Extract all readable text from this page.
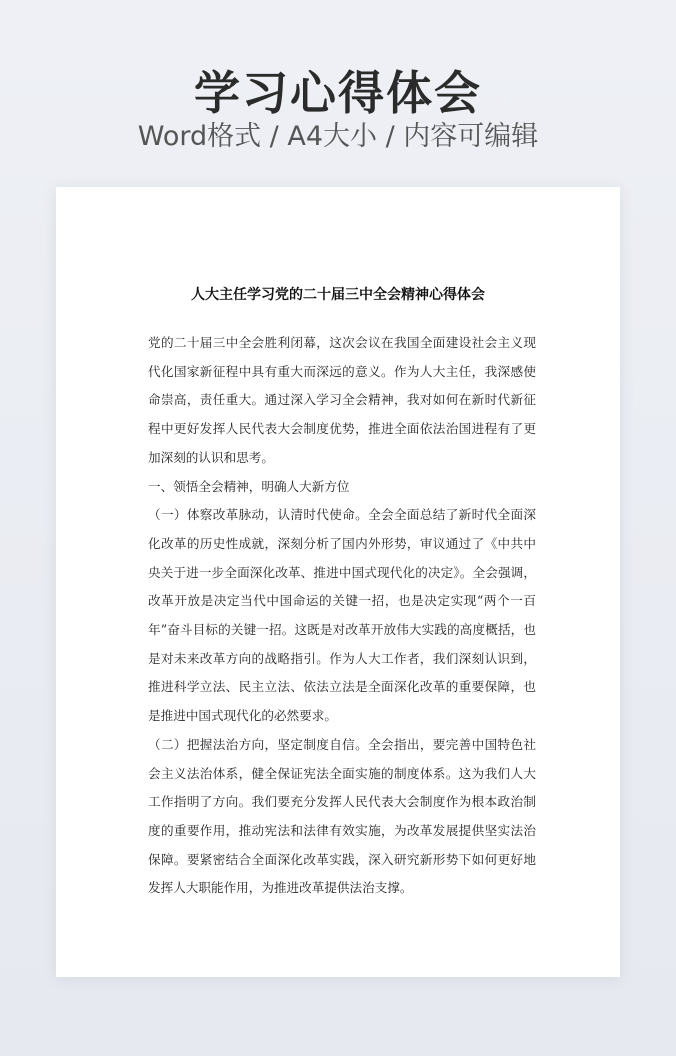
学习心得体会
Word格式 / A4大小 / 内容可编辑
人大主任学习党的二十届三中全会精神心得体会

党的二十届三中全会胜利闭幕，这次会议在我国全面建设社会主义现代化国家新征程中具有重大而深远的意义。作为人大主任，我深感使命崇高，责任重大。通过深入学习全会精神，我对如何在新时代新征程中更好发挥人民代表大会制度优势，推进全面依法治国进程有了更加深刻的认识和思考。

一、领悟全会精神，明确人大新方位

（一）体察改革脉动，认清时代使命。全会全面总结了新时代全面深化改革的历史性成就，深刻分析了国内外形势，审议通过了《中共中央关于进一步全面深化改革、推进中国式现代化的决定》。全会强调，改革开放是决定当代中国命运的关键一招，也是决定实现“两个一百年”奋斗目标的关键一招。这既是对改革开放伟大实践的高度概括，也是对未来改革方向的战略指引。作为人大工作者，我们深刻认识到，推进科学立法、民主立法、依法立法是全面深化改革的重要保障，也是推进中国式现代化的必然要求。

（二）把握法治方向，坚定制度自信。全会指出，要完善中国特色社会主义法治体系，健全保证宪法全面实施的制度体系。这为我们人大工作指明了方向。我们要充分发挥人民代表大会制度作为根本政治制度的重要作用，推动宪法和法律有效实施，为改革发展提供坚实法治保障。要紧密结合全面深化改革实践，深入研究新形势下如何更好地发挥人大职能作用，为推进改革提供法治支撑。
